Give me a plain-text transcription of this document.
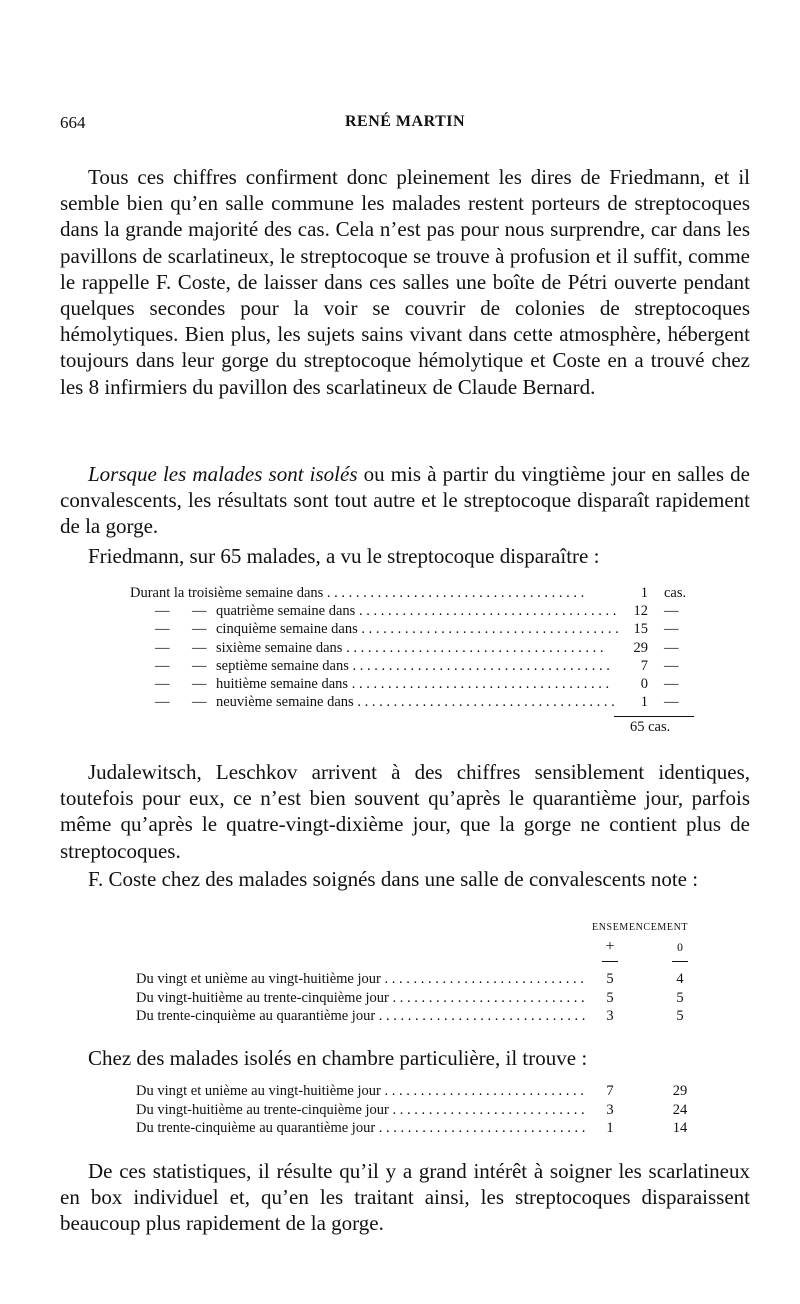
664	RENÉ MARTIN

Tous ces chiffres confirment donc pleinement les dires de Friedmann, et il semble bien qu’en salle commune les malades restent porteurs de streptocoques dans la grande majorité des cas. Cela n’est pas pour nous surprendre, car dans les pavillons de scarlatineux, le streptocoque se trouve à profusion et il suffit, comme le rappelle F. Coste, de laisser dans ces salles une boîte de Pétri ouverte pendant quelques secondes pour la voir se couvrir de colonies de streptocoques hémolytiques. Bien plus, les sujets sains vivant dans cette atmosphère, hébergent toujours dans leur gorge du streptocoque hémolytique et Coste en a trouvé chez les 8 infirmiers du pavillon des scarlatineux de Claude Bernard.

Lorsque les malades sont isolés ou mis à partir du vingtième jour en salles de convalescents, les résultats sont tout autre et le streptocoque disparaît rapidement de la gorge.

Friedmann, sur 65 malades, a vu le streptocoque disparaître :

Durant la troisième semaine dans . . .	1 cas.
— — quatrième semaine dans . . .	12 —
— — cinquième semaine dans . . .	15 —
— — sixième semaine dans . . .	29 —
— — septième semaine dans . . .	7 —
— — huitième semaine dans . . .	0 —
— — neuvième semaine dans . . .	1 —
65 cas.

Judalewitsch, Leschkov arrivent à des chiffres sensiblement identiques, toutefois pour eux, ce n’est bien souvent qu’après le quarantième jour, parfois même qu’après le quatre-vingt-dixième jour, que la gorge ne contient plus de streptocoques.

F. Coste chez des malades soignés dans une salle de convalescents note :

ENSEMENCEMENT
+	0
Du vingt et unième au vingt-huitième jour . . .	5	4
Du vingt-huitième au trente-cinquième jour . . .	5	5
Du trente-cinquième au quarantième jour . . .	3	5

Chez des malades isolés en chambre particulière, il trouve :

Du vingt et unième au vingt-huitième jour . . .	7	29
Du vingt-huitième au trente-cinquième jour . . .	3	24
Du trente-cinquième au quarantième jour . . .	1	14

De ces statistiques, il résulte qu’il y a grand intérêt à soigner les scarlatineux en box individuel et, qu’en les traitant ainsi, les streptocoques disparaissent beaucoup plus rapidement de la gorge.
